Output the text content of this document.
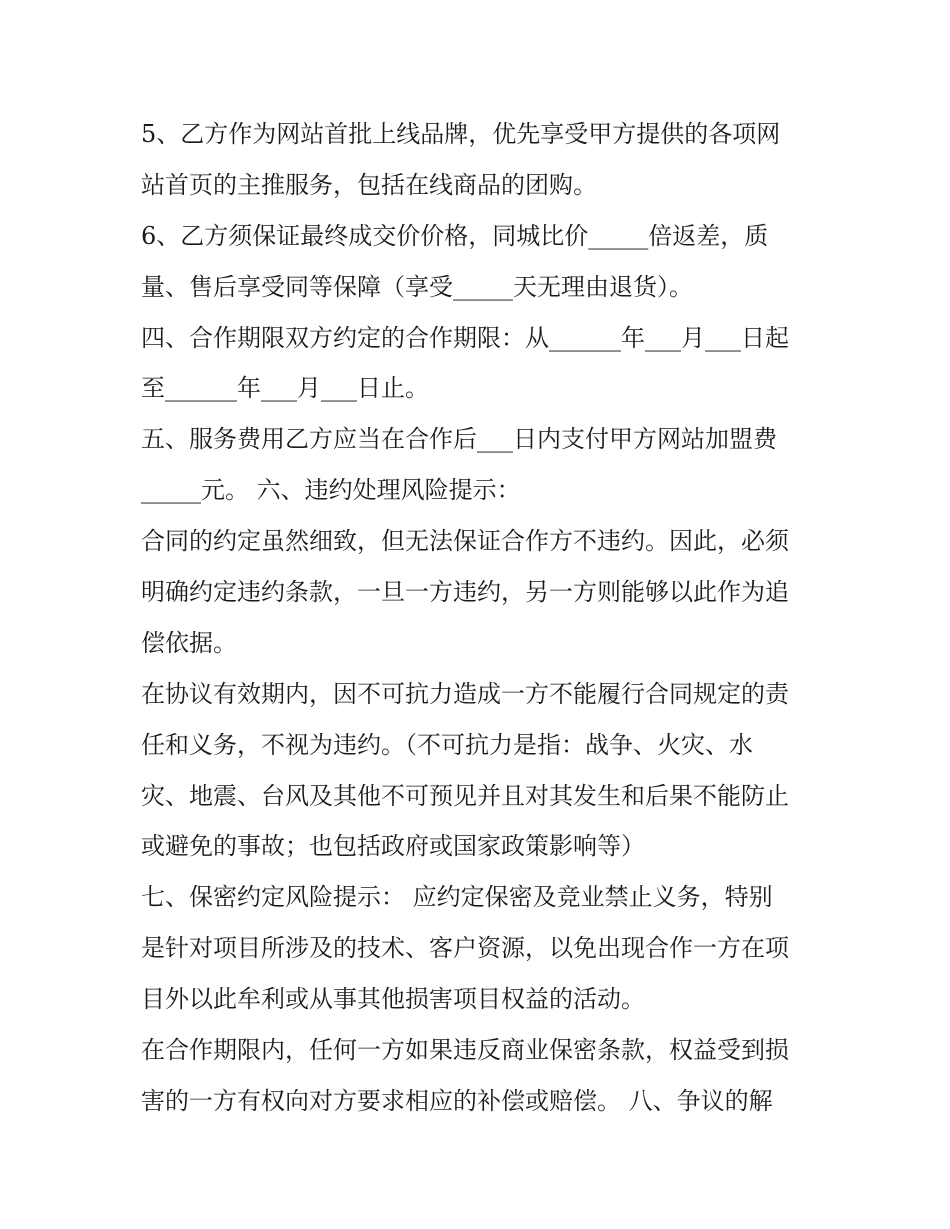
5、乙方作为网站首批上线品牌，优先享受甲方提供的各项网
站首页的主推服务，包括在线商品的团购。
6、乙方须保证最终成交价价格，同城比价_____倍返差，质
量、售后享受同等保障（享受_____天无理由退货）。
四、合作期限双方约定的合作期限：从______年___月___日起
至______年___月___日止。
五、服务费用乙方应当在合作后___日内支付甲方网站加盟费
_____元。 六、违约处理风险提示：
合同的约定虽然细致，但无法保证合作方不违约。因此，必须
明确约定违约条款，一旦一方违约，另一方则能够以此作为追
偿依据。
在协议有效期内，因不可抗力造成一方不能履行合同规定的责
任和义务，不视为违约。（不可抗力是指：战争、火灾、水
灾、地震、台风及其他不可预见并且对其发生和后果不能防止
或避免的事故；也包括政府或国家政策影响等）
七、保密约定风险提示： 应约定保密及竞业禁止义务，特别
是针对项目所涉及的技术、客户资源，以免出现合作一方在项
目外以此牟利或从事其他损害项目权益的活动。
在合作期限内，任何一方如果违反商业保密条款，权益受到损
害的一方有权向对方要求相应的补偿或赔偿。 八、争议的解
